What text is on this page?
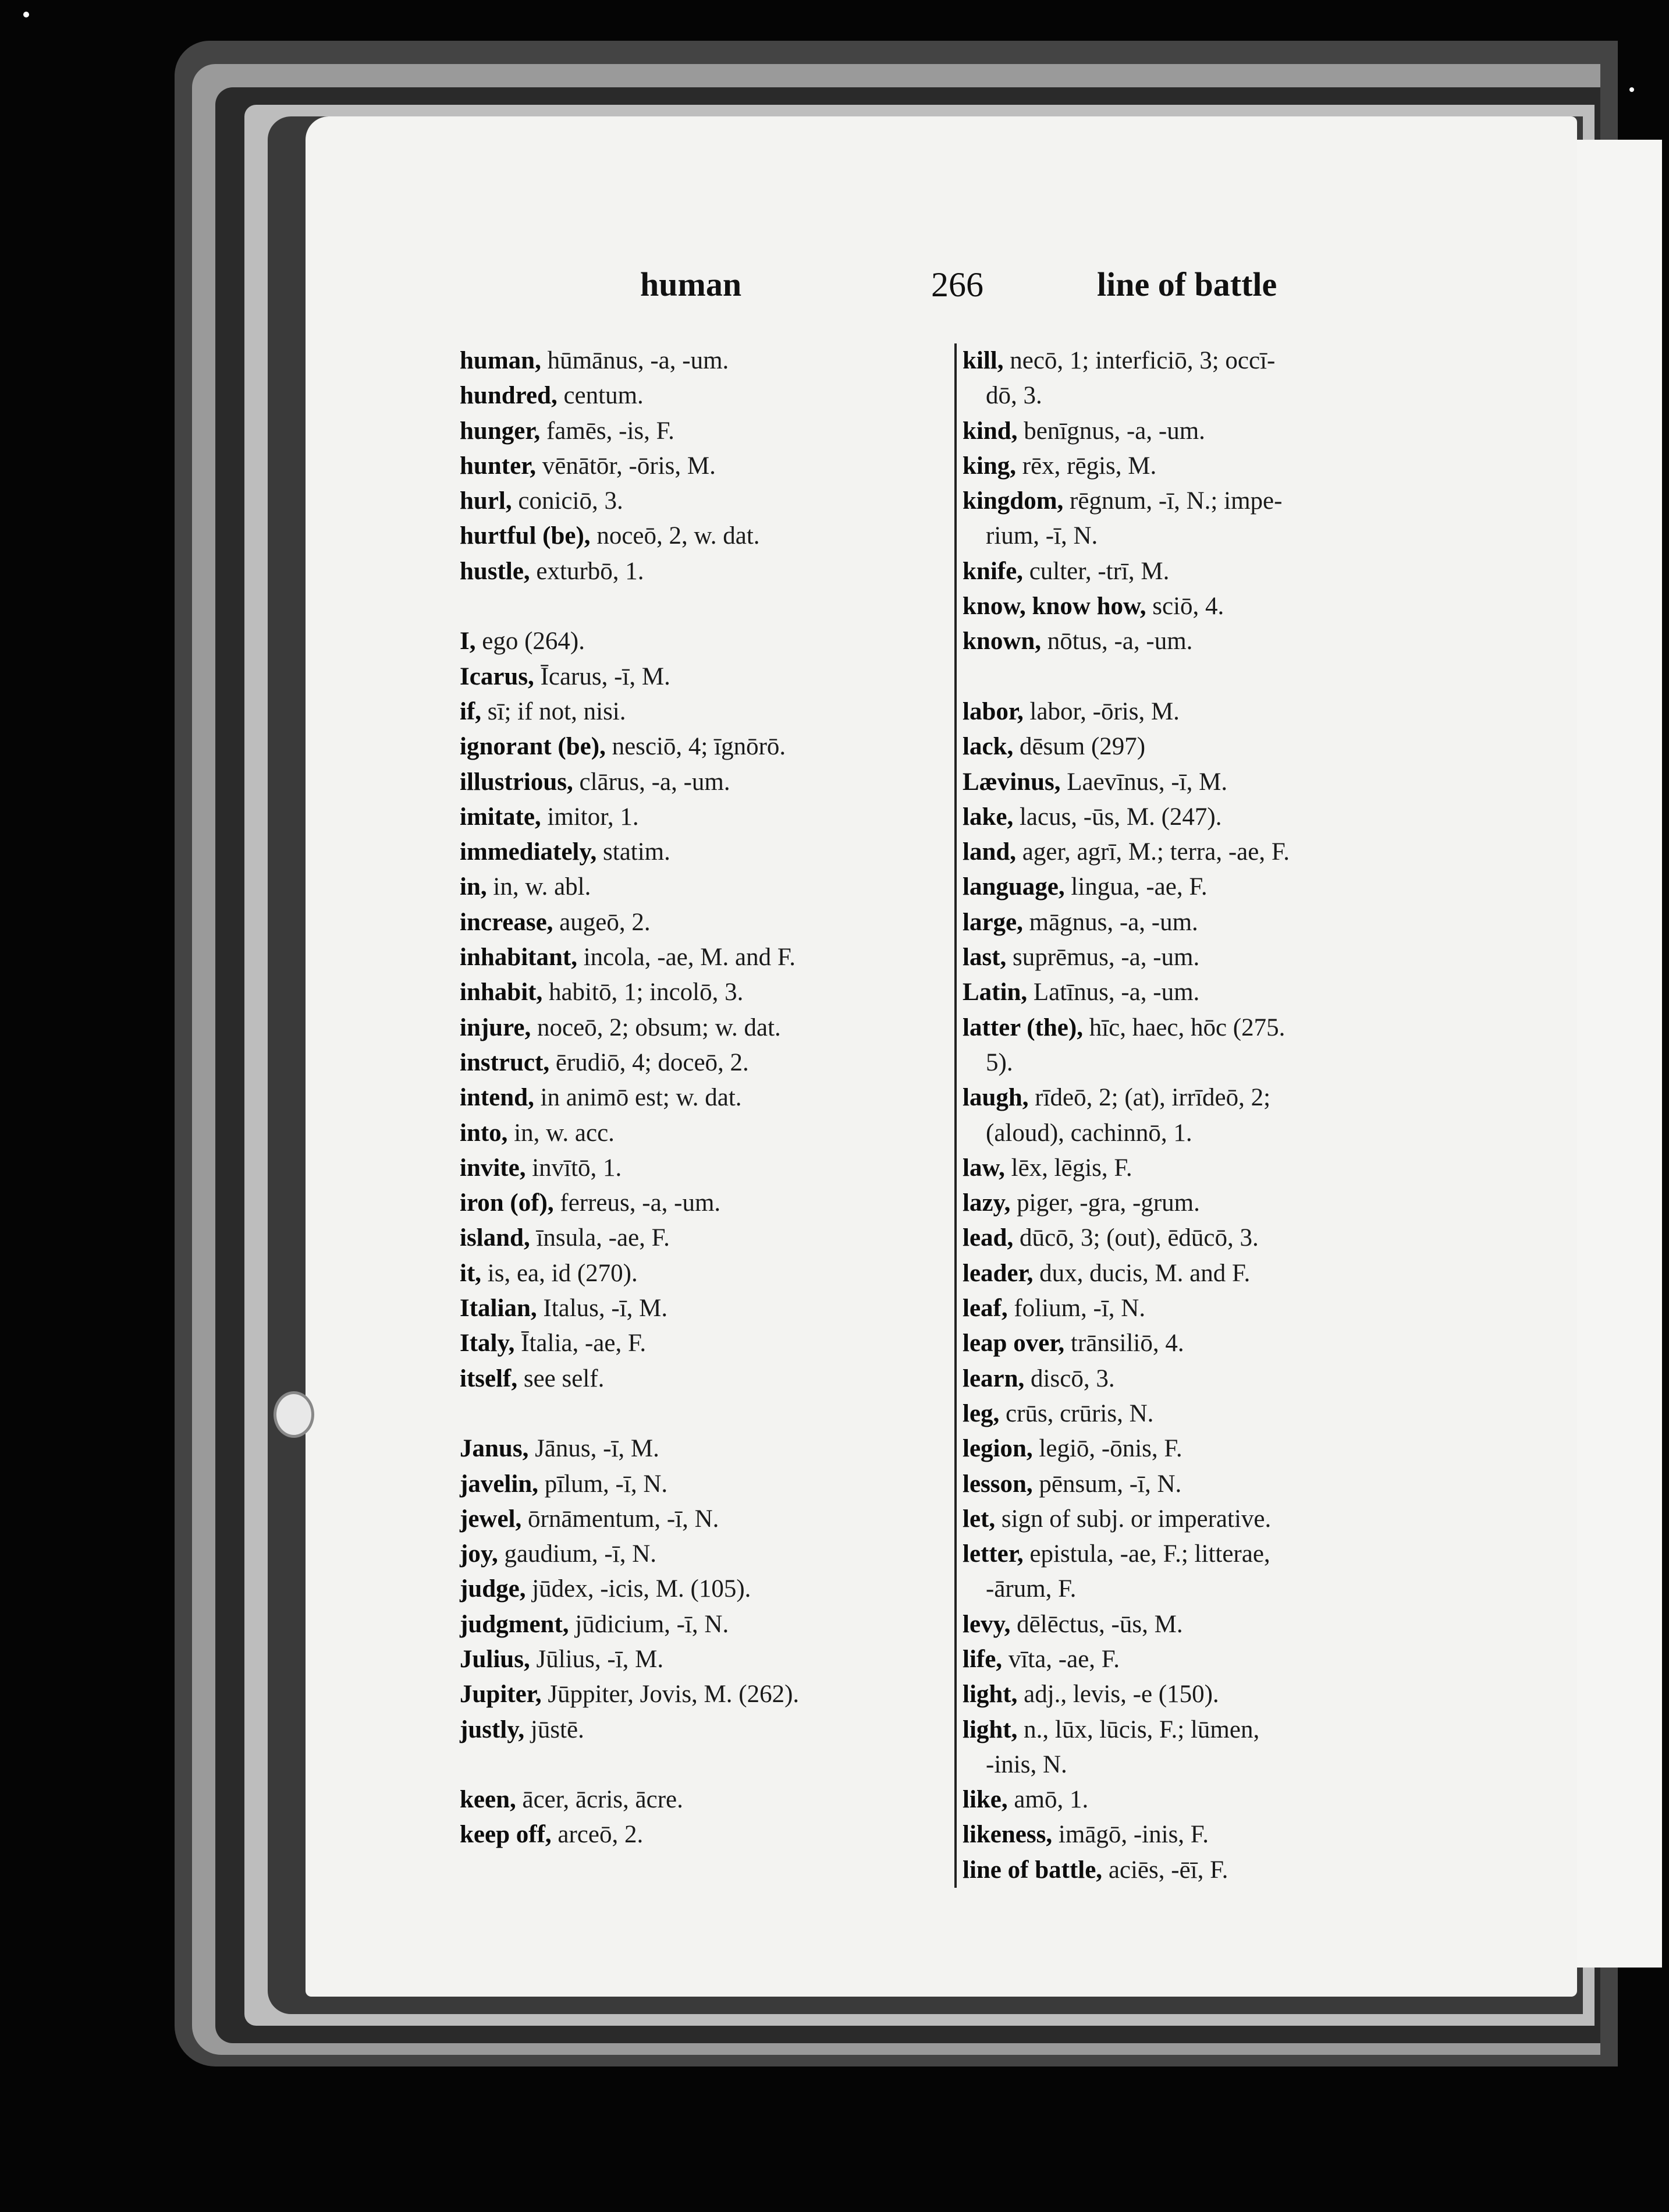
human	266	line of battle
human, hūmānus, -a, -um.
hundred, centum.
hunger, famēs, -is, F.
hunter, vēnātōr, -ōris, M.
hurl, coniciō, 3.
hurtful (be), noceō, 2, w. dat.
hustle, exturbō, 1.
I, ego (264).
Icarus, Īcarus, -ī, M.
if, sī; if not, nisi.
ignorant (be), nesciō, 4; īgnōrō.
illustrious, clārus, -a, -um.
imitate, imitor, 1.
immediately, statim.
in, in, w. abl.
increase, augeō, 2.
inhabitant, incola, -ae, M. and F.
inhabit, habitō, 1; incolō, 3.
injure, noceō, 2; obsum; w. dat.
instruct, ērudiō, 4; doceō, 2.
intend, in animō est; w. dat.
into, in, w. acc.
invite, invītō, 1.
iron (of), ferreus, -a, -um.
island, īnsula, -ae, F.
it, is, ea, id (270).
Italian, Italus, -ī, M.
Italy, Ītalia, -ae, F.
itself, see self.
Janus, Jānus, -ī, M.
javelin, pīlum, -ī, N.
jewel, ōrnāmentum, -ī, N.
joy, gaudium, -ī, N.
judge, jūdex, -icis, M. (105).
judgment, jūdicium, -ī, N.
Julius, Jūlius, -ī, M.
Jupiter, Jūppiter, Jovis, M. (262).
justly, jūstē.
keen, ācer, ācris, ācre.
keep off, arceō, 2.
kill, necō, 1; interficiō, 3; occī-
dō, 3.
kind, benīgnus, -a, -um.
king, rēx, rēgis, M.
kingdom, rēgnum, -ī, N.; impe-
rium, -ī, N.
knife, culter, -trī, M.
know, know how, sciō, 4.
known, nōtus, -a, -um.
labor, labor, -ōris, M.
lack, dēsum (297)
Lævinus, Laevīnus, -ī, M.
lake, lacus, -ūs, M. (247).
land, ager, agrī, M.; terra, -ae, F.
language, lingua, -ae, F.
large, māgnus, -a, -um.
last, suprēmus, -a, -um.
Latin, Latīnus, -a, -um.
latter (the), hīc, haec, hōc (275.
5).
laugh, rīdeō, 2; (at), irrīdeō, 2;
(aloud), cachinnō, 1.
law, lēx, lēgis, F.
lazy, piger, -gra, -grum.
lead, dūcō, 3; (out), ēdūcō, 3.
leader, dux, ducis, M. and F.
leaf, folium, -ī, N.
leap over, trānsiliō, 4.
learn, discō, 3.
leg, crūs, crūris, N.
legion, legiō, -ōnis, F.
lesson, pēnsum, -ī, N.
let, sign of subj. or imperative.
letter, epistula, -ae, F.; litterae,
-ārum, F.
levy, dēlēctus, -ūs, M.
life, vīta, -ae, F.
light, adj., levis, -e (150).
light, n., lūx, lūcis, F.; lūmen,
-inis, N.
like, amō, 1.
likeness, imāgō, -inis, F.
line of battle, aciēs, -ēī, F.
